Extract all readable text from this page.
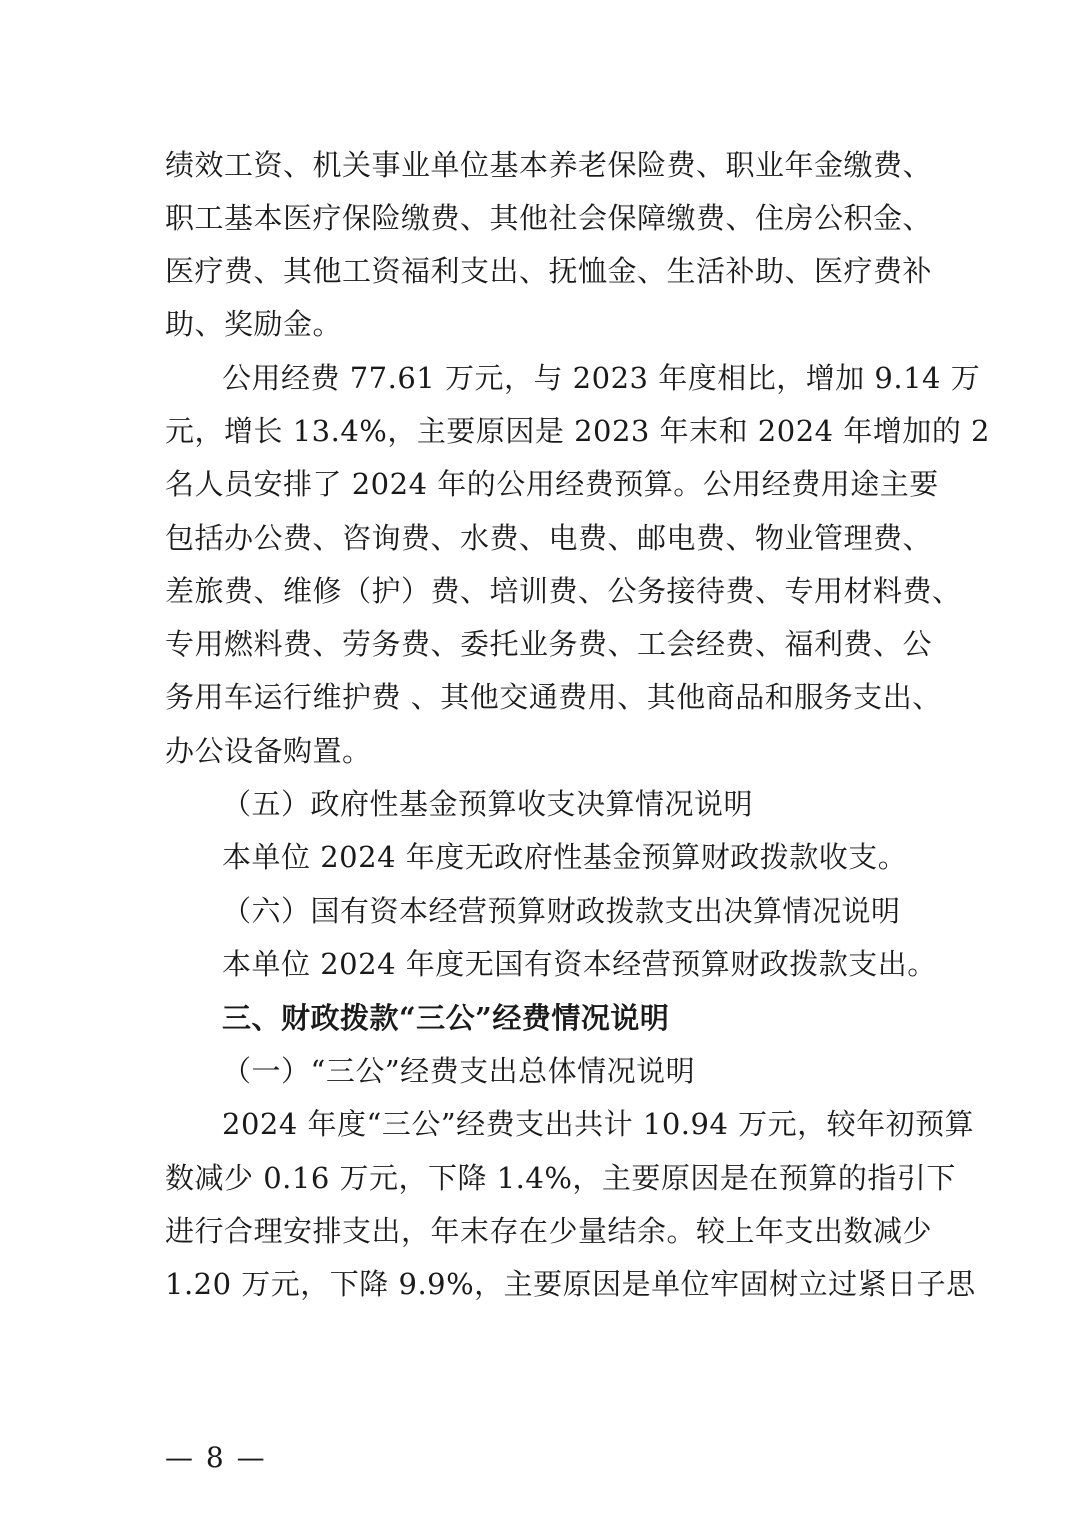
绩效工资、机关事业单位基本养老保险费、职业年金缴费、
职工基本医疗保险缴费、其他社会保障缴费、住房公积金、
医疗费、其他工资福利支出、抚恤金、生活补助、医疗费补
助、奖励金。
公用经费 77.61 万元，与 2023 年度相比，增加 9.14 万
元，增长 13.4%，主要原因是 2023 年末和 2024 年增加的 2
名人员安排了 2024 年的公用经费预算。公用经费用途主要
包括办公费、咨询费、水费、电费、邮电费、物业管理费、
差旅费、维修（护）费、培训费、公务接待费、专用材料费、
专用燃料费、劳务费、委托业务费、工会经费、福利费、公
务用车运行维护费 、其他交通费用、其他商品和服务支出、
办公设备购置。
（五）政府性基金预算收支决算情况说明
本单位 2024 年度无政府性基金预算财政拨款收支。
（六）国有资本经营预算财政拨款支出决算情况说明
本单位 2024 年度无国有资本经营预算财政拨款支出。
三、财政拨款“三公”经费情况说明
（一）“三公”经费支出总体情况说明
2024 年度“三公”经费支出共计 10.94 万元，较年初预算
数减少 0.16 万元，下降 1.4%，主要原因是在预算的指引下
进行合理安排支出，年末存在少量结余。较上年支出数减少
1.20 万元，下降 9.9%，主要原因是单位牢固树立过紧日子思
— 8 —
